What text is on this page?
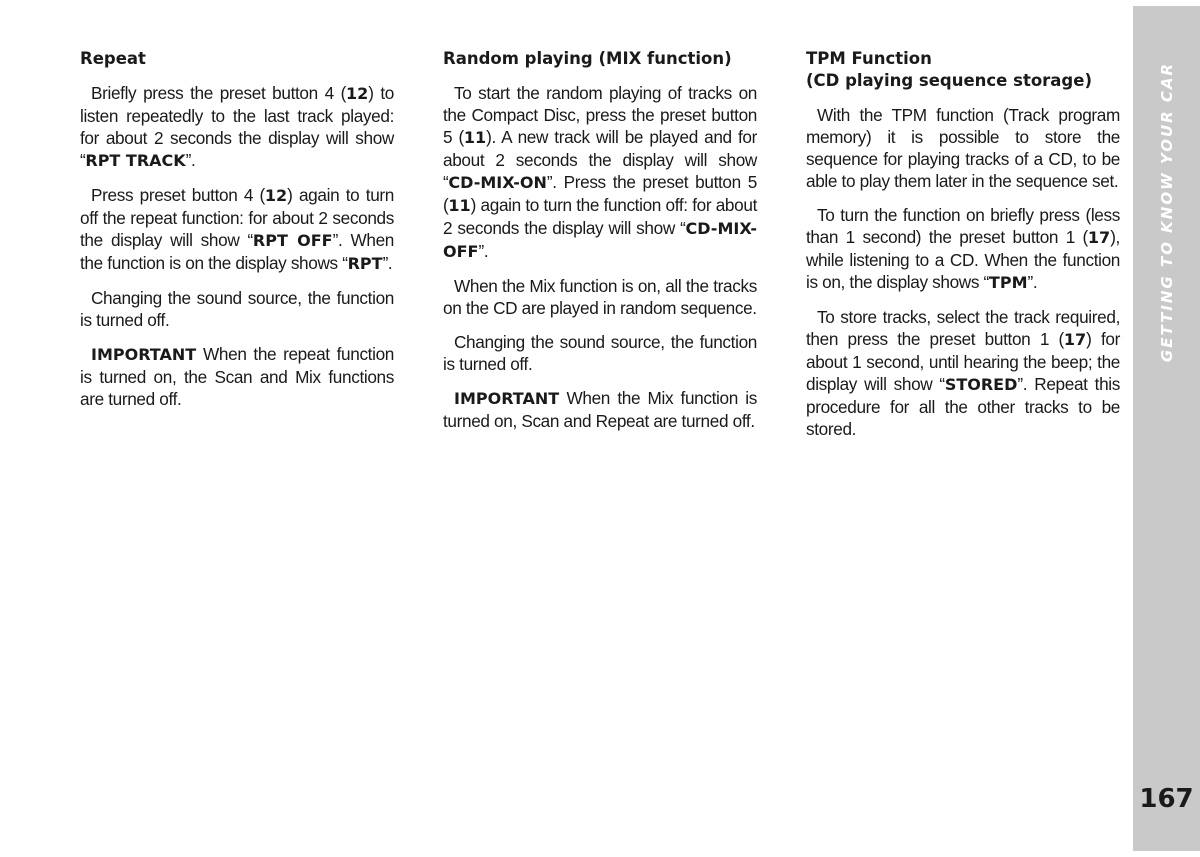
Repeat

Briefly press the preset button 4 (12) to listen repeatedly to the last track played: for about 2 seconds the display will show “RPT TRACK”.

Press preset button 4 (12) again to turn off the repeat function: for about 2 seconds the display will show “RPT OFF”. When the function is on the display shows “RPT”.

Changing the sound source, the function is turned off.

IMPORTANT When the repeat function is turned on, the Scan and Mix functions are turned off.

Random playing (MIX function)

To start the random playing of tracks on the Compact Disc, press the preset button 5 (11). A new track will be played and for about 2 seconds the display will show “CD-MIX-ON”. Press the preset button 5 (11) again to turn the function off: for about 2 seconds the display will show “CD-MIX-OFF”.

When the Mix function is on, all the tracks on the CD are played in random sequence.

Changing the sound source, the function is turned off.

IMPORTANT When the Mix function is turned on, Scan and Repeat are turned off.

TPM Function
(CD playing sequence storage)

With the TPM function (Track program memory) it is possible to store the sequence for playing tracks of a CD, to be able to play them later in the sequence set.

To turn the function on briefly press (less than 1 second) the preset button 1 (17), while listening to a CD. When the function is on, the display shows “TPM”.

To store tracks, select the track required, then press the preset button 1 (17) for about 1 second, until hearing the beep; the display will show “STORED”. Repeat this procedure for all the other tracks to be stored.

GETTING TO KNOW YOUR CAR
167
